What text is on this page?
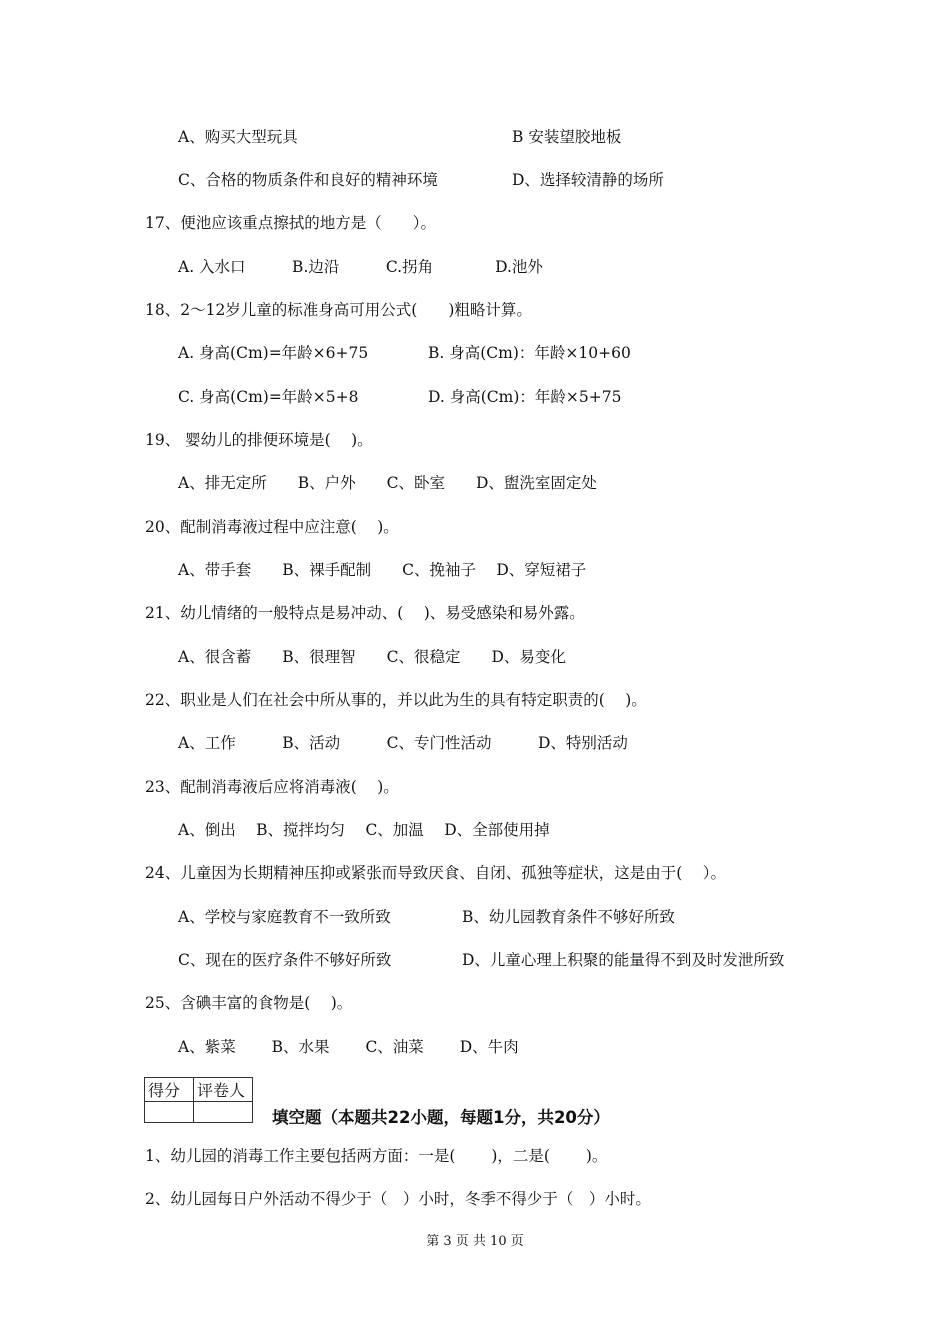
A、购买大型玩具	B 安装望胶地板
C、合格的物质条件和良好的精神环境	D、选择较清静的场所
17、便池应该重点擦拭的地方是（　　）。
A. 入水口　　　B.边沿　　　C.拐角　　　　D.池外
18、2～12岁儿童的标准身高可用公式(　　)粗略计算。
A. 身高(Cm)=年龄×6+75	B. 身高(Cm)：年龄×10+60
C. 身高(Cm)=年龄×5+8	D. 身高(Cm)：年龄×5+75
19、 婴幼儿的排便环境是(　 )。
A、排无定所　　B、户外　　C、卧室　　D、盥洗室固定处
20、配制消毒液过程中应注意(　 )。
A、带手套　　B、裸手配制　　C、挽袖子　 D、穿短裙子
21、幼儿情绪的一般特点是易冲动、(　 )、易受感染和易外露。
A、很含蓄　　B、很理智　　C、很稳定　　D、易变化
22、职业是人们在社会中所从事的，并以此为生的具有特定职责的(　 )。
A、工作　　　B、活动　　　C、专门性活动　　　D、特别活动
23、配制消毒液后应将消毒液(　 )。
A、倒出　 B、搅拌均匀　 C、加温　 D、全部使用掉
24、儿童因为长期精神压抑或紧张而导致厌食、自闭、孤独等症状，这是由于(　 ）。
A、学校与家庭教育不一致所致	B、幼儿园教育条件不够好所致
C、现在的医疗条件不够好所致	D、儿童心理上积聚的能量得不到及时发泄所致
25、含碘丰富的食物是(　 )。
A、紫菜　　 B、水果　　 C、油菜　　 D、牛肉
得分	评卷人

填空题（本题共22小题，每题1分，共20分）
1、幼儿园的消毒工作主要包括两方面：一是(　　 )，二是(　　 )。
2、幼儿园每日户外活动不得少于（　）小时，冬季不得少于（　）小时。
第 3 页 共 10 页
